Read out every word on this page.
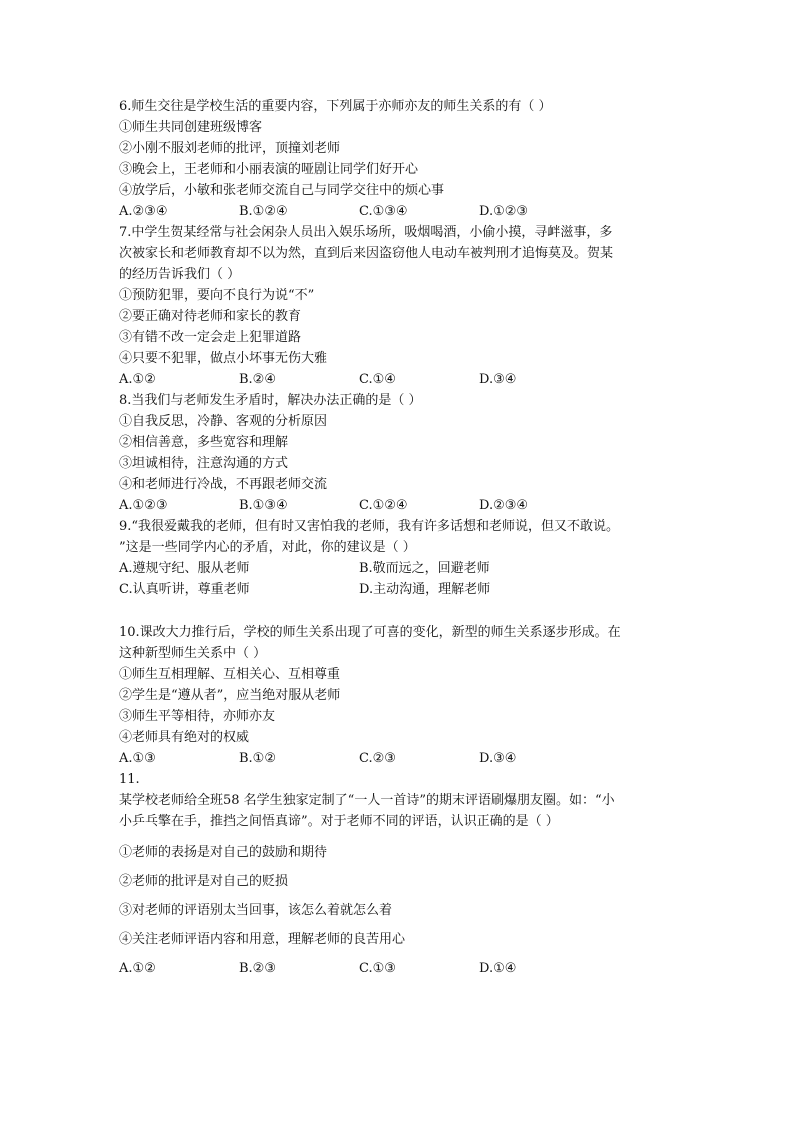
6.师生交往是学校生活的重要内容，下列属于亦师亦友的师生关系的有（ ）
①师生共同创建班级博客
②小刚不服刘老师的批评，顶撞刘老师
③晚会上，王老师和小丽表演的哑剧让同学们好开心
④放学后，小敏和张老师交流自己与同学交往中的烦心事
A.②③④	B.①②④	C.①③④	D.①②③
7.中学生贺某经常与社会闲杂人员出入娱乐场所，吸烟喝酒，小偷小摸，寻衅滋事，多
次被家长和老师教育却不以为然，直到后来因盗窃他人电动车被判刑才追悔莫及。贺某
的经历告诉我们（ ）
①预防犯罪，要向不良行为说“不”
②要正确对待老师和家长的教育
③有错不改一定会走上犯罪道路
④只要不犯罪，做点小坏事无伤大雅
A.①②	B.②④	C.①④	D.③④
8.当我们与老师发生矛盾时，解决办法正确的是（ ）
①自我反思，冷静、客观的分析原因
②相信善意，多些宽容和理解
③坦诚相待，注意沟通的方式
④和老师进行冷战，不再跟老师交流
A.①②③	B.①③④	C.①②④	D.②③④
9.“我很爱戴我的老师，但有时又害怕我的老师，我有许多话想和老师说，但又不敢说。
”这是一些同学内心的矛盾，对此，你的建议是（ ）
A.遵规守纪、服从老师	B.敬而远之，回避老师
C.认真听讲，尊重老师	D.主动沟通，理解老师
10.课改大力推行后，学校的师生关系出现了可喜的变化，新型的师生关系逐步形成。在
这种新型师生关系中（ ）
①师生互相理解、互相关心、互相尊重
②学生是“遵从者”，应当绝对服从老师
③师生平等相待，亦师亦友
④老师具有绝对的权威
A.①③	B.①②	C.②③	D.③④
11.
某学校老师给全班58 名学生独家定制了“一人一首诗”的期末评语刷爆朋友圈。如：“小
小乒乓擎在手，推挡之间悟真谛”。对于老师不同的评语，认识正确的是（ ）
①老师的表扬是对自己的鼓励和期待
②老师的批评是对自己的贬损
③对老师的评语别太当回事，该怎么着就怎么着
④关注老师评语内容和用意，理解老师的良苦用心
A.①②	B.②③	C.①③	D.①④
